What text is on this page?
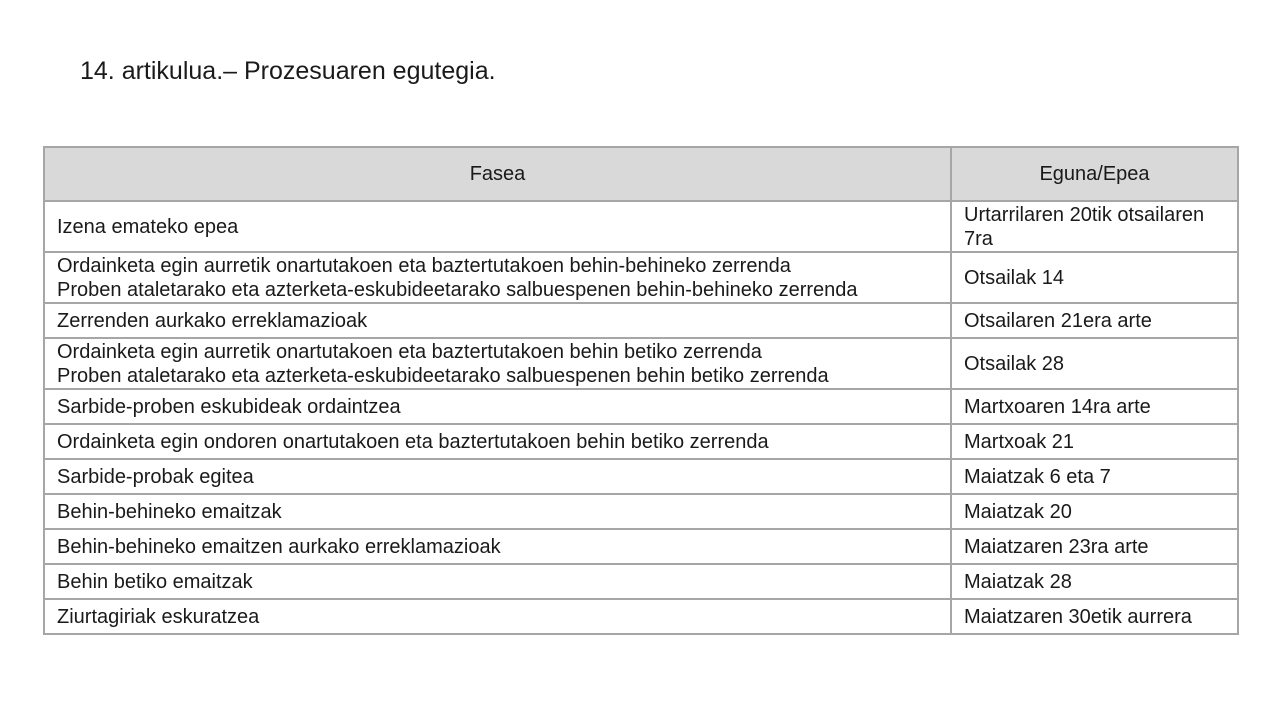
14. artikulua.– Prozesuaren egutegia.
Fasea	Eguna/Epea

Izena emateko epea	Urtarrilaren 20tik otsailaren 7ra

Ordainketa egin aurretik onartutakoen eta baztertutakoen behin-behineko zerrenda
Proben ataletarako eta azterketa-eskubideetarako salbuespenen behin-behineko zerrenda	Otsailak 14

Zerrenden aurkako erreklamazioak	Otsailaren 21era arte

Ordainketa egin aurretik onartutakoen eta baztertutakoen behin betiko zerrenda
Proben ataletarako eta azterketa-eskubideetarako salbuespenen behin betiko zerrenda	Otsailak 28

Sarbide-proben eskubideak ordaintzea	Martxoaren 14ra arte

Ordainketa egin ondoren onartutakoen eta baztertutakoen behin betiko zerrenda	Martxoak 21

Sarbide-probak egitea	Maiatzak 6 eta 7

Behin-behineko emaitzak	Maiatzak 20

Behin-behineko emaitzen aurkako erreklamazioak	Maiatzaren 23ra arte

Behin betiko emaitzak	Maiatzak 28

Ziurtagiriak eskuratzea	Maiatzaren 30etik aurrera
